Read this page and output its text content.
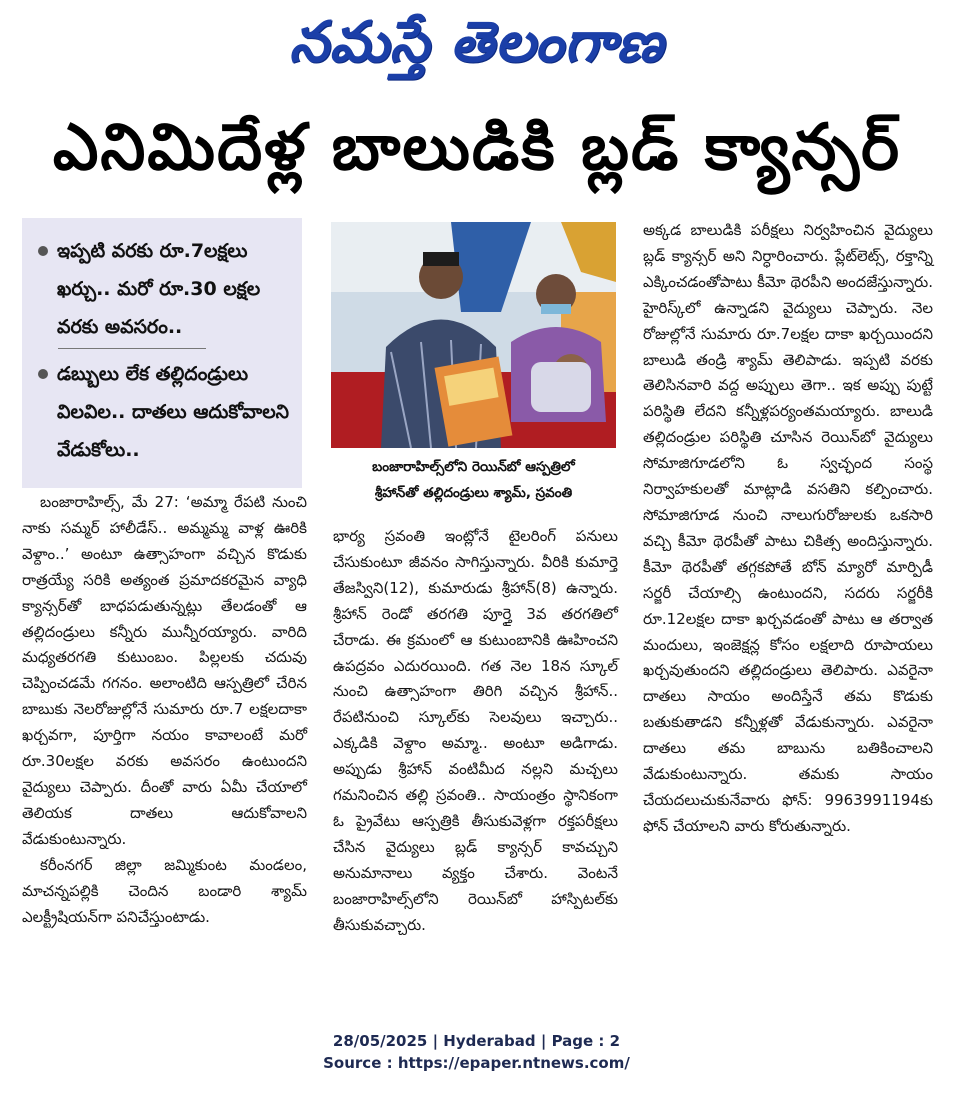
నమస్తే తెలంగాణ
ఎనిమిదేళ్ల బాలుడికి బ్లడ్ క్యాన్సర్
ఇప్పటి వరకు రూ.7లక్షలు ఖర్చు.. మరో రూ.30 లక్షల వరకు అవసరం..
డబ్బులు లేక తల్లిదండ్రులు విలవిల.. దాతలు ఆదుకోవాలని వేడుకోలు..
బంజారాహిల్స్‌లోని రెయిన్‌బో ఆస్పత్రిలో
శ్రీహాన్‌తో తల్లిదండ్రులు శ్యామ్, స్రవంతి

బంజారాహిల్స్, మే 27: ‘అమ్మా రేపటి నుంచి నాకు సమ్మర్ హాలీడేస్.. అమ్మమ్మ వాళ్ల ఊరికి వెళ్దాం..’ అంటూ ఉత్సాహంగా వచ్చిన కొడుకు రాత్రయ్యే సరికి అత్యంత ప్రమాదకరమైన వ్యాధి క్యాన్సర్‌తో బాధపడుతున్నట్లు తేలడంతో ఆ తల్లిదండ్రులు కన్నీరు మున్నీరయ్యారు. వారిది మధ్యతరగతి కుటుంబం. పిల్లలకు చదువు చెప్పించడమే గగనం. అలాంటిది ఆస్పత్రిలో చేరిన బాబుకు నెలరోజుల్లోనే సుమారు రూ.7 లక్షలదాకా ఖర్చవగా, పూర్తిగా నయం కావాలంటే మరో రూ.30లక్షల వరకు అవసరం ఉంటుందని వైద్యులు చెప్పారు. దీంతో వారు ఏమీ చేయాలో తెలియక దాతలు ఆదుకోవాలని వేడుకుంటున్నారు.

కరీంనగర్ జిల్లా జమ్మికుంట మండలం, మాచన్నపల్లికి చెందిన బండారి శ్యామ్ ఎలక్ట్రీషియన్‌గా పనిచేస్తుంటాడు.

భార్య స్రవంతి ఇంట్లోనే టైలరింగ్ పనులు చేసుకుంటూ జీవనం సాగిస్తున్నారు. వీరికి కుమార్తె తేజస్విని(12), కుమారుడు శ్రీహాన్(8) ఉన్నారు. శ్రీహాన్ రెండో తరగతి పూర్తై 3వ తరగతిలో చేరాడు. ఈ క్రమంలో ఆ కుటుంబానికి ఊహించని ఉపద్రవం ఎదురయింది. గత నెల 18న స్కూల్ నుంచి ఉత్సాహంగా తిరిగి వచ్చిన శ్రీహాన్.. రేపటినుంచి స్కూల్‌కు సెలవులు ఇచ్చారు.. ఎక్కడికి వెళ్దాం అమ్మా.. అంటూ అడిగాడు. అప్పుడు శ్రీహాన్ వంటిమీద నల్లని మచ్చలు గమనించిన తల్లి స్రవంతి.. సాయంత్రం స్థానికంగా ఓ ప్రైవేటు ఆస్పత్రికి తీసుకువెళ్లగా రక్తపరీక్షలు చేసిన వైద్యులు బ్లడ్ క్యాన్సర్ కావచ్చుని అనుమానాలు వ్యక్తం చేశారు. వెంటనే బంజారాహిల్స్‌లోని రెయిన్‌బో హాస్పిటల్‌కు తీసుకువచ్చారు.

అక్కడ బాలుడికి పరీక్షలు నిర్వహించిన వైద్యులు బ్లడ్ క్యాన్సర్ అని నిర్ధారించారు. ప్లేట్‌లెట్స్, రక్తాన్ని ఎక్కించడంతోపాటు కీమో థెరపీని అందజేస్తున్నారు. హైరిస్క్‌లో ఉన్నాడని వైద్యులు చెప్పారు. నెల రోజుల్లోనే సుమారు రూ.7లక్షల దాకా ఖర్చయిందని బాలుడి తండ్రి శ్యామ్ తెలిపాడు. ఇప్పటి వరకు తెలిసినవారి వద్ద అప్పులు తెగా.. ఇక అప్పు పుట్టే పరిస్థితి లేదని కన్నీళ్లపర్యంతమయ్యారు. బాలుడి తల్లిదండ్రుల పరిస్థితి చూసిన రెయిన్‌బో వైద్యులు సోమాజిగూడలోని ఓ స్వచ్ఛంద సంస్థ నిర్వాహకులతో మాట్లాడి వసతిని కల్పించారు. సోమాజిగూడ నుంచి నాలుగురోజులకు ఒకసారి వచ్చి కీమో థెరపీతో పాటు చికిత్స అందిస్తున్నారు. కీమో థెరపీతో తగ్గకపోతే బోన్ మ్యారో మార్పిడీ సర్జరీ చేయాల్సి ఉంటుందని, సదరు సర్జరీకి రూ.12లక్షల దాకా ఖర్చవడంతో పాటు ఆ తర్వాత మందులు, ఇంజెక్షన్ల కోసం లక్షలాది రూపాయలు ఖర్చవుతుందని తల్లిదండ్రులు తెలిపారు. ఎవరైనా దాతలు సాయం అందిస్తేనే తమ కొడుకు బతుకుతాడని కన్నీళ్లతో వేడుకున్నారు. ఎవరైనా దాతలు తమ బాబును బతికించాలని వేడుకుంటున్నారు. తమకు సాయం చేయదలుచుకునేవారు ఫోన్: 9963991194కు ఫోన్ చేయాలని వారు కోరుతున్నారు.

28/05/2025 | Hyderabad | Page : 2
Source : https://epaper.ntnews.com/
